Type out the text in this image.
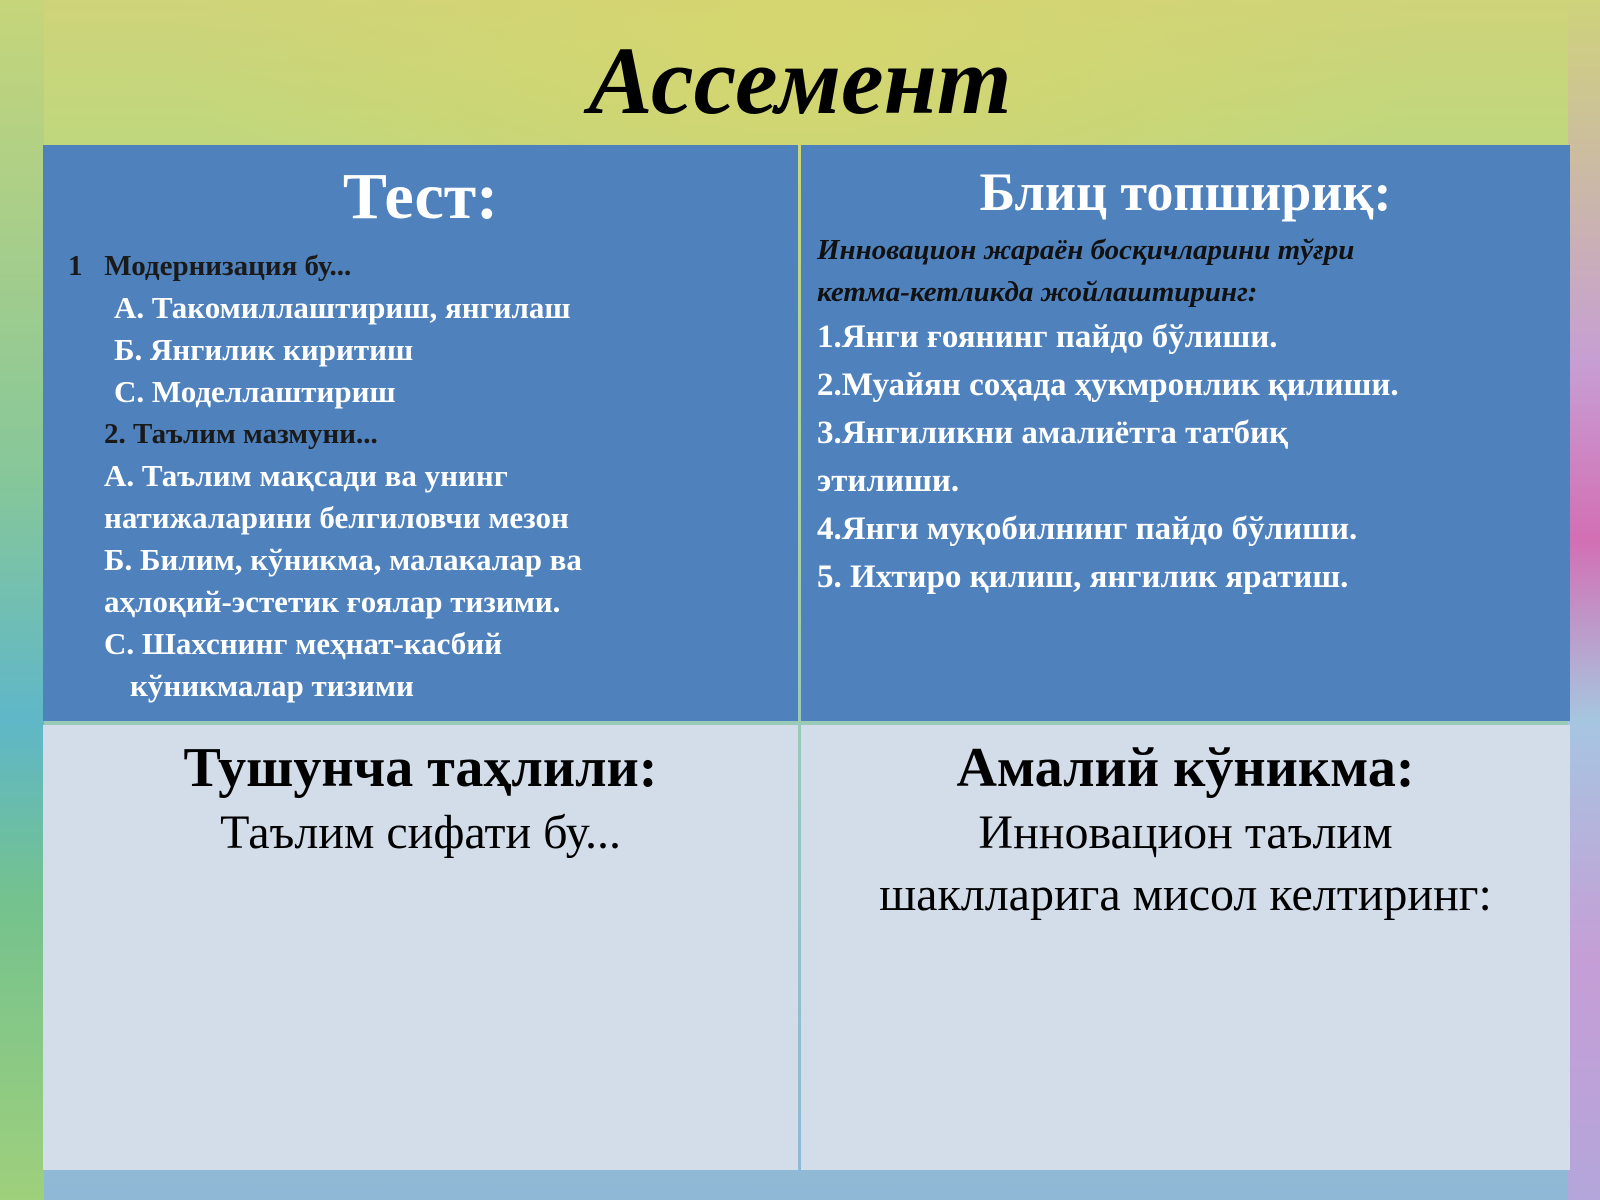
Ассемент
Тест:
1   Модернизация бу...
А. Такомиллаштириш, янгилаш
Б. Янгилик киритиш
С. Моделлаштириш
2. Таълим мазмуни...
А. Таълим мақсади ва унинг
натижаларини белгиловчи мезон
Б. Билим, кўникма, малакалар ва
аҳлоқий-эстетик ғоялар тизими.
С. Шахснинг меҳнат-касбий
кўникмалар тизими
Блиц топшириқ:
Инновацион жараён босқичларини тўғри
кетма-кетликда жойлаштиринг:
1.Янги ғоянинг пайдо бўлиши.
2.Муайян соҳада ҳукмронлик қилиши.
3.Янгиликни амалиётга татбиқ
этилиши.
4.Янги муқобилнинг пайдо бўлиши.
5. Ихтиро қилиш, янгилик яратиш.
Тушунча таҳлили:

Таълим сифати бу...

Амалий кўникма:

Инновацион таълим

шаклларига мисол келтиринг:
